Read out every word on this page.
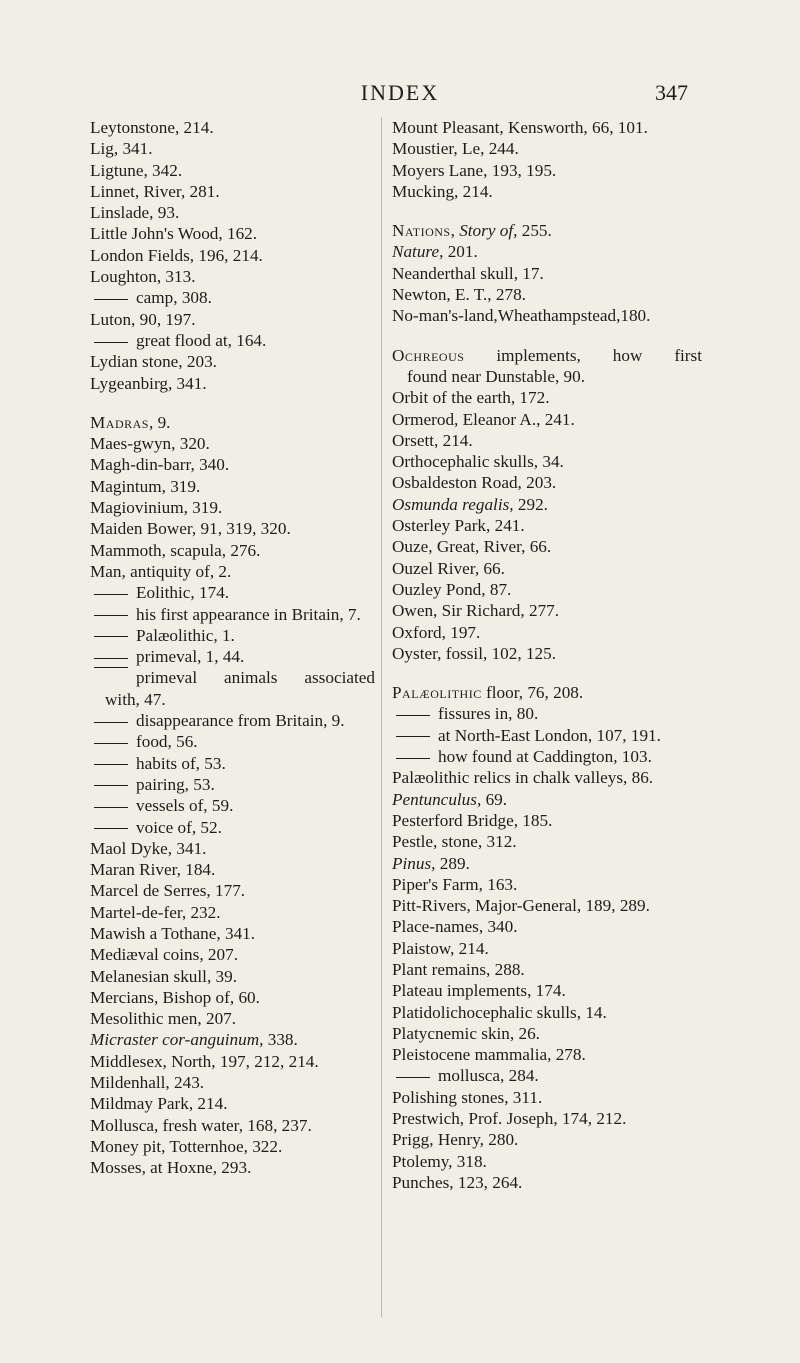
INDEX	347
Leytonstone, 214.
Lig, 341.
Ligtune, 342.
Linnet, River, 281.
Linslade, 93.
Little John's Wood, 162.
London Fields, 196, 214.
Loughton, 313.
camp, 308.
Luton, 90, 197.
great flood at, 164.
Lydian stone, 203.
Lygeanbirg, 341.
Madras, 9.
Maes-gwyn, 320.
Magh-din-barr, 340.
Magintum, 319.
Magiovinium, 319.
Maiden Bower, 91, 319, 320.
Mammoth, scapula, 276.
Man, antiquity of, 2.
Eolithic, 174.
his first appearance in Britain, 7.
Palæolithic, 1.
primeval, 1, 44.
primeval animals associated
with, 47.
disappearance from Britain, 9.
food, 56.
habits of, 53.
pairing, 53.
vessels of, 59.
voice of, 52.
Maol Dyke, 341.
Maran River, 184.
Marcel de Serres, 177.
Martel-de-fer, 232.
Mawish a Tothane, 341.
Mediæval coins, 207.
Melanesian skull, 39.
Mercians, Bishop of, 60.
Mesolithic men, 207.
Micraster cor-anguinum, 338.
Middlesex, North, 197, 212, 214.
Mildenhall, 243.
Mildmay Park, 214.
Mollusca, fresh water, 168, 237.
Money pit, Totternhoe, 322.
Mosses, at Hoxne, 293.
Mount Pleasant, Kensworth, 66, 101.
Moustier, Le, 244.
Moyers Lane, 193, 195.
Mucking, 214.
Nations, Story of, 255.
Nature, 201.
Neanderthal skull, 17.
Newton, E. T., 278.
No-man's-land,Wheathampstead,180.
Ochreous implements, how first
found near Dunstable, 90.
Orbit of the earth, 172.
Ormerod, Eleanor A., 241.
Orsett, 214.
Orthocephalic skulls, 34.
Osbaldeston Road, 203.
Osmunda regalis, 292.
Osterley Park, 241.
Ouze, Great, River, 66.
Ouzel River, 66.
Ouzley Pond, 87.
Owen, Sir Richard, 277.
Oxford, 197.
Oyster, fossil, 102, 125.
Palæolithic floor, 76, 208.
fissures in, 80.
at North-East London, 107, 191.
how found at Caddington, 103.
Palæolithic relics in chalk valleys, 86.
Pentunculus, 69.
Pesterford Bridge, 185.
Pestle, stone, 312.
Pinus, 289.
Piper's Farm, 163.
Pitt-Rivers, Major-General, 189, 289.
Place-names, 340.
Plaistow, 214.
Plant remains, 288.
Plateau implements, 174.
Platidolichocephalic skulls, 14.
Platycnemic skin, 26.
Pleistocene mammalia, 278.
mollusca, 284.
Polishing stones, 311.
Prestwich, Prof. Joseph, 174, 212.
Prigg, Henry, 280.
Ptolemy, 318.
Punches, 123, 264.
